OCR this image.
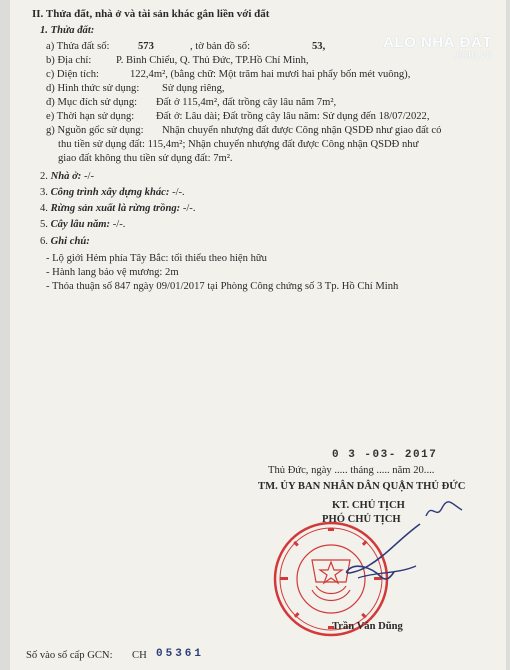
ALO NHÀ ĐẤT
.com.vn
II. Thửa đất, nhà ở và tài sản khác gắn liền với đất
1. Thửa đất:
a) Thửa đất số:	573	, tờ bản đồ số:	53,
b) Địa chỉ: P. Bình Chiểu, Q. Thủ Đức, TP.Hồ Chí Minh,
c) Diện tích:	122,4m², (bằng chữ: Một trăm hai mươi hai phẩy bốn mét vuông),
d) Hình thức sử dụng: Sử dụng riêng,
đ) Mục đích sử dụng: Đất ở 115,4m², đất trồng cây lâu năm 7m²,
e) Thời hạn sử dụng: Đất ở: Lâu dài; Đất trồng cây lâu năm: Sử dụng đến 18/07/2022,
g) Nguồn gốc sử dụng: Nhận chuyển nhượng đất được Công nhận QSDĐ như giao đất có
thu tiền sử dụng đất: 115,4m²; Nhận chuyển nhượng đất được Công nhận QSDĐ như
giao đất không thu tiền sử dụng đất: 7m².
2. Nhà ở: -/-
3. Công trình xây dựng khác: -/-.
4. Rừng sản xuất là rừng trồng: -/-.
5. Cây lâu năm: -/-.
6. Ghi chú:
- Lộ giới Hẻm phía Tây Bắc: tối thiểu theo hiện hữu
- Hành lang bảo vệ mương: 2m
- Thỏa thuận số 847 ngày 09/01/2017 tại Phòng Công chứng số 3 Tp. Hồ Chí Minh
0 3 -03- 2017
Thủ Đức, ngày ..... tháng ..... năm 20....
TM. ỦY BAN NHÂN DÂN QUẬN THỦ ĐỨC
KT. CHỦ TỊCH
PHÓ CHỦ TỊCH
Trần Văn Dũng
Số vào sổ cấp GCN: CH 05361
